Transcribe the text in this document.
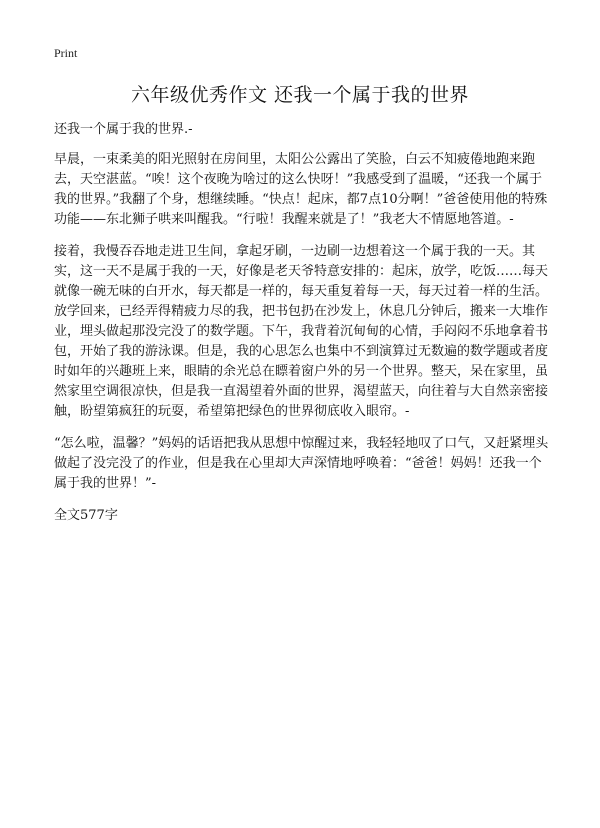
Print
六年级优秀作文 还我一个属于我的世界

还我一个属于我的世界.-

早晨，一束柔美的阳光照射在房间里，太阳公公露出了笑脸，白云不知疲倦地跑来跑去，天空湛蓝。“唉！这个夜晚为啥过的这么快呀！”我感受到了温暖，“还我一个属于我的世界。”我翻了个身，想继续睡。“快点！起床，都7点10分啊！”爸爸使用他的特殊功能——东北狮子哄来叫醒我。“行啦！我醒来就是了！”我老大不情愿地答道。-

接着，我慢吞吞地走进卫生间，拿起牙刷，一边刷一边想着这一个属于我的一天。其实，这一天不是属于我的一天，好像是老天爷特意安排的：起床，放学，吃饭……每天就像一碗无味的白开水，每天都是一样的，每天重复着每一天，每天过着一样的生活。放学回来，已经弄得精疲力尽的我，把书包扔在沙发上，休息几分钟后，搬来一大堆作业，埋头做起那没完没了的数学题。下午，我背着沉甸甸的心情，手闷闷不乐地拿着书包，开始了我的游泳课。但是，我的心思怎么也集中不到演算过无数遍的数学题或者度时如年的兴趣班上来，眼睛的余光总在瞟着窗户外的另一个世界。整天，呆在家里，虽然家里空调很凉快，但是我一直渴望着外面的世界，渴望蓝天，向往着与大自然亲密接触，盼望第疯狂的玩耍，希望第把绿色的世界彻底收入眼帘。-

“怎么啦，温馨？”妈妈的话语把我从思想中惊醒过来，我轻轻地叹了口气，又赶紧埋头做起了没完没了的作业，但是我在心里却大声深情地呼唤着：“爸爸！妈妈！还我一个属于我的世界！”-

全文577字
